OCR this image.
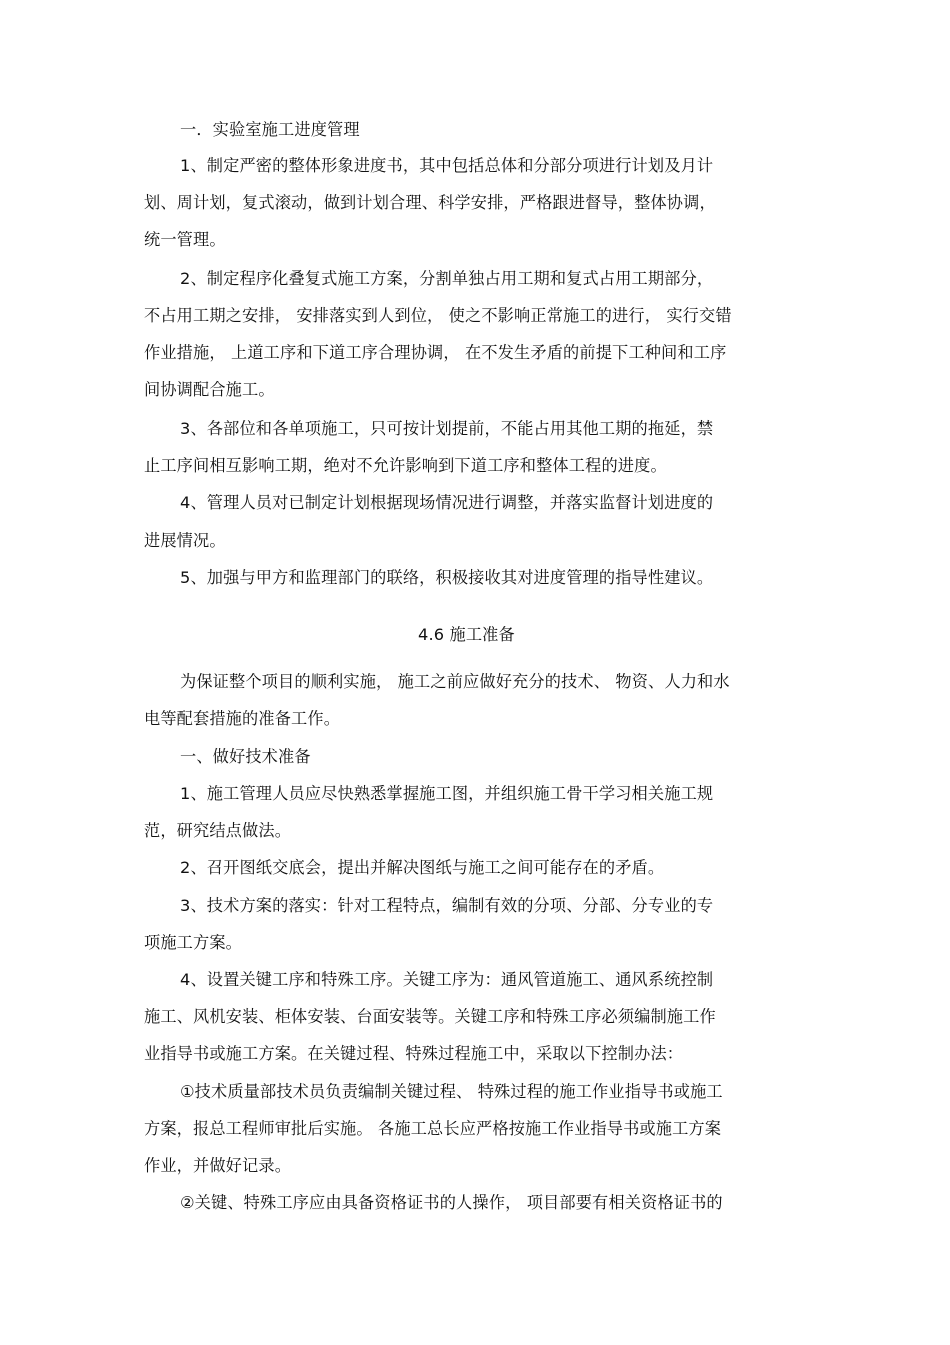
一．实验室施工进度管理
1、制定严密的整体形象进度书，其中包括总体和分部分项进行计划及月计
划、周计划，复式滚动，做到计划合理、科学安排，严格跟进督导，整体协调，
统一管理。
2、制定程序化叠复式施工方案，分割单独占用工期和复式占用工期部分，
不占用工期之安排， 安排落实到人到位， 使之不影响正常施工的进行， 实行交错
作业措施， 上道工序和下道工序合理协调， 在不发生矛盾的前提下工种间和工序
间协调配合施工。
3、各部位和各单项施工，只可按计划提前，不能占用其他工期的拖延，禁
止工序间相互影响工期，绝对不允许影响到下道工序和整体工程的进度。
4、管理人员对已制定计划根据现场情况进行调整，并落实监督计划进度的
进展情况。
5、加强与甲方和监理部门的联络，积极接收其对进度管理的指导性建议。
4.6 施工准备
为保证整个项目的顺利实施， 施工之前应做好充分的技术、 物资、人力和水
电等配套措施的准备工作。
一、做好技术准备
1、施工管理人员应尽快熟悉掌握施工图，并组织施工骨干学习相关施工规
范，研究结点做法。
2、召开图纸交底会，提出并解决图纸与施工之间可能存在的矛盾。
3、技术方案的落实：针对工程特点，编制有效的分项、分部、分专业的专
项施工方案。
4、设置关键工序和特殊工序。关键工序为：通风管道施工、通风系统控制
施工、风机安装、柜体安装、台面安装等。关键工序和特殊工序必须编制施工作
业指导书或施工方案。在关键过程、特殊过程施工中，采取以下控制办法：
①技术质量部技术员负责编制关键过程、 特殊过程的施工作业指导书或施工
方案，报总工程师审批后实施。 各施工总长应严格按施工作业指导书或施工方案
作业，并做好记录。
②关键、特殊工序应由具备资格证书的人操作， 项目部要有相关资格证书的
